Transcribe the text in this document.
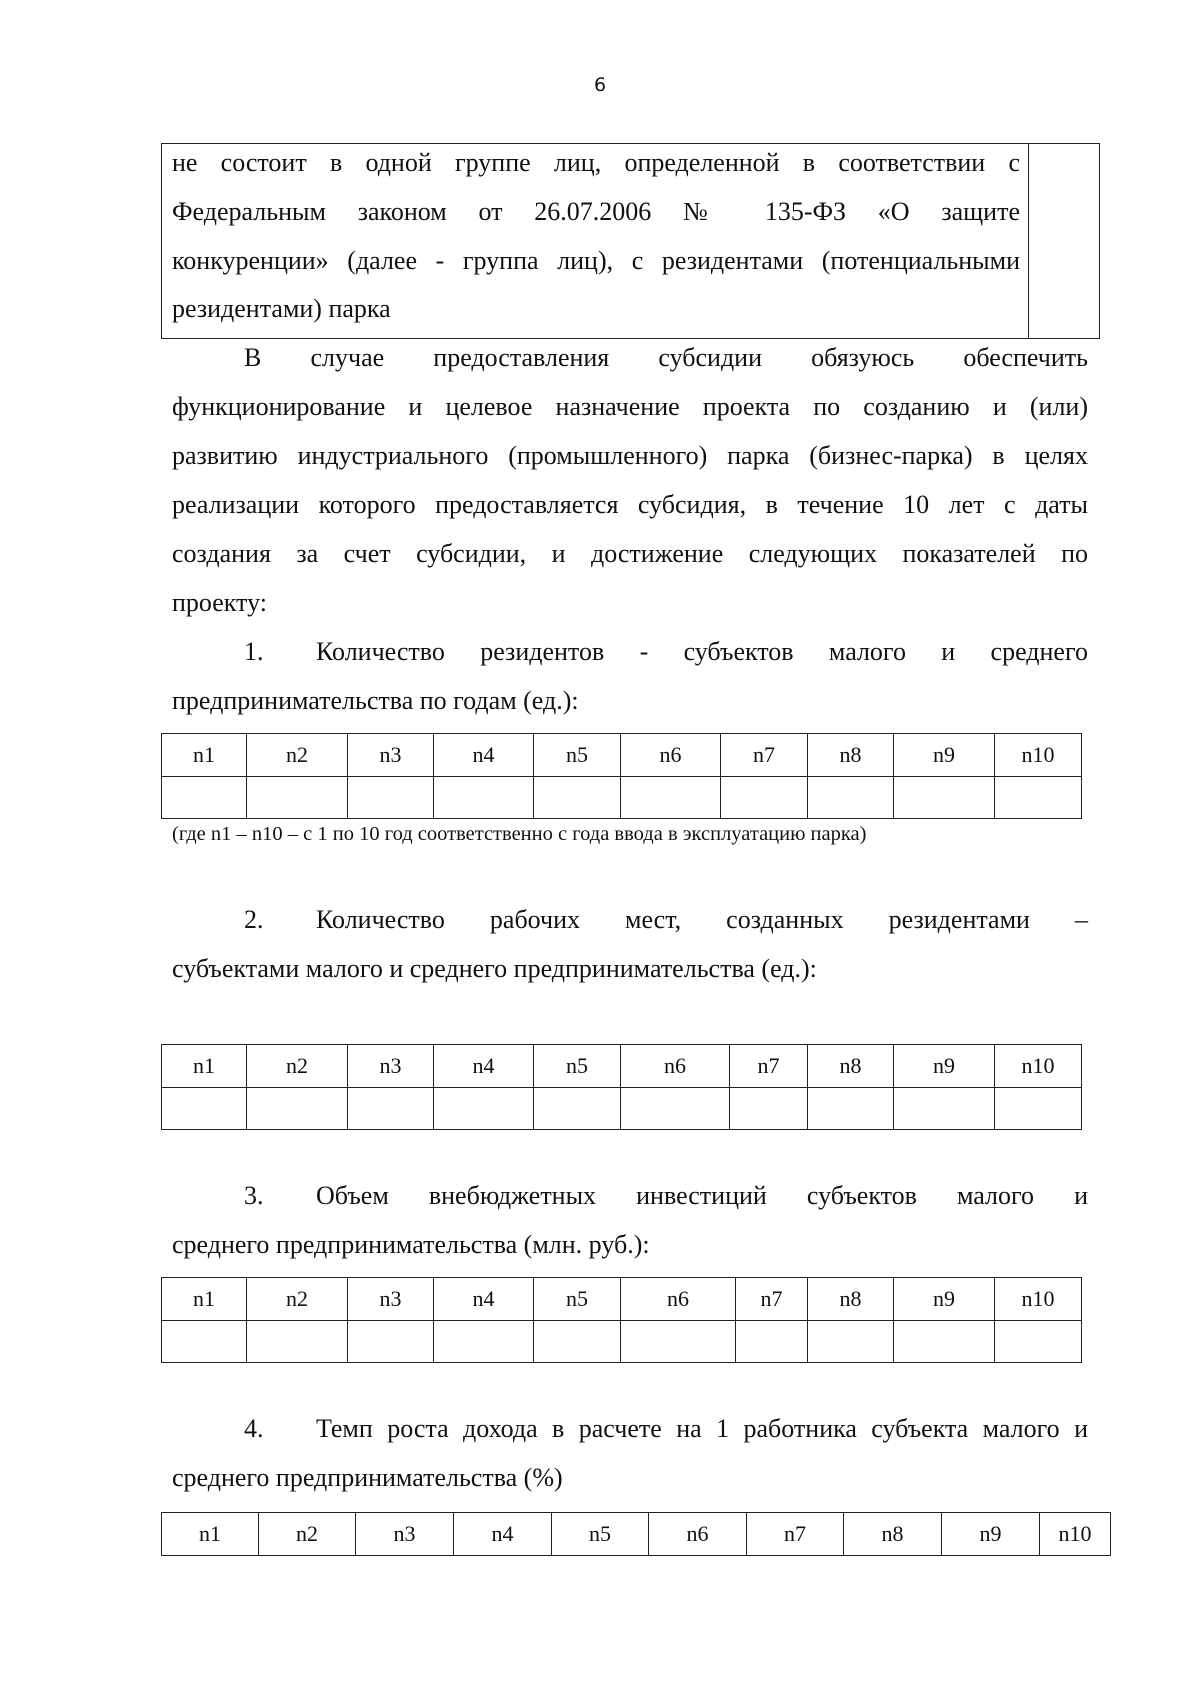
6
не состоит в одной группе лиц, определенной в соответствии с
Федеральным законом от 26.07.2006 № 135-ФЗ «О защите
конкуренции» (далее - группа лиц), с резидентами (потенциальными
резидентами) парка
В случае предоставления субсидии обязуюсь обеспечить
функционирование и целевое назначение проекта по созданию и (или)
развитию индустриального (промышленного) парка (бизнес-парка) в целях
реализации которого предоставляется субсидия, в течение 10 лет с даты
создания за счет субсидии, и достижение следующих показателей по
проекту:
1. Количество резидентов - субъектов малого и среднего
предпринимательства по годам (ед.):
n1	n2	n3	n4	n5	n6	n7	n8	n9	n10

(где n1 – n10 – с 1 по 10 год соответственно с года ввода в эксплуатацию парка)
2. Количество рабочих мест, созданных резидентами –
субъектами малого и среднего предпринимательства (ед.):
n1	n2	n3	n4	n5	n6	n7	n8	n9	n10

3. Объем внебюджетных инвестиций субъектов малого и
среднего предпринимательства (млн. руб.):
n1	n2	n3	n4	n5	n6	n7	n8	n9	n10

4. Темп роста дохода в расчете на 1 работника субъекта малого и
среднего предпринимательства (%)
n1	n2	n3	n4	n5	n6	n7	n8	n9	n10
